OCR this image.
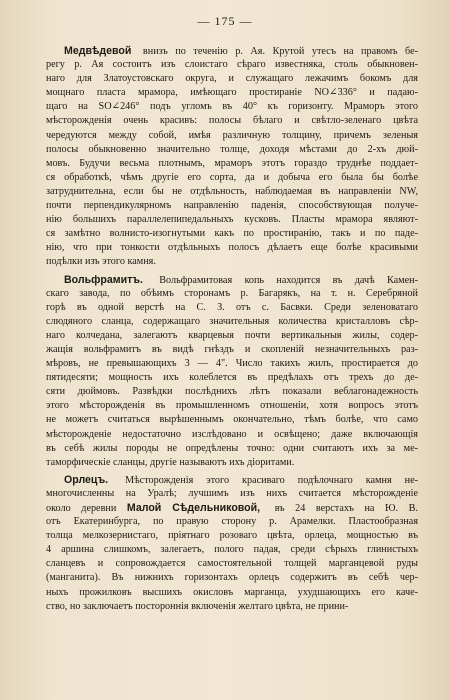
— 175 —
Медвѣдевой внизъ по теченію р. Ая. Крутой утесъ на правомъ бе-
регу р. Ая состоитъ изъ слоистаго сѣраго известняка, столь обыкновен-
наго для Златоустовскаго округа, и служащаго лежачимъ бокомъ для
мощнаго пласта мрамора, имѣющаго простираніе NO∠336° и падаю-
щаго на SO∠246° подъ угломъ въ 40° къ горизонту. Мраморъ этого
мѣсторожденія очень красивъ: полосы бѣлаго и свѣтло-зеленаго цвѣта
чередуются между собой, имѣя различную толщину, причемъ зеленыя
полосы обыкновенно значительно толще, доходя мѣстами до 2-хъ дюй-
мовъ. Будучи весьма плотнымъ, мраморъ этотъ гораздо труднѣе поддает-
ся обработкѣ, чѣмъ другіе его сорта, да и добыча его была бы болѣе
затруднительна, если бы не отдѣльность, наблюдаемая въ направленіи NW,
почти перпендикулярномъ направленію паденія, способствующая получе-
нію большихъ параллелепипедальныхъ кусковъ. Пласты мрамора являют-
ся замѣтно волнисто-изогнутыми какъ по простиранію, такъ и по паде-
нію, что при тонкости отдѣльныхъ полосъ дѣлаетъ еще болѣе красивыми
подѣлки изъ этого камня.
Вольфрамитъ. Вольфрамитовая копь находится въ дачѣ Камен-
скаго завода, по обѣимъ сторонамъ р. Багарякъ, на т. н. Серебряной
горѣ въ одной верстѣ на С. З. отъ с. Басвки. Среди зеленоватаго
слюдяного сланца, содержащаго значительныя количества кристалловъ сѣр-
наго колчедана, залегаютъ кварцевыя почти вертикальныя жилы, содер-
жащія вольфрамитъ въ видѣ гнѣздъ и скопленій незначительныхъ раз-
мѣровъ, не превышающихъ 3 — 4". Число такихъ жилъ, простирается до
пятидесяти; мощность ихъ колеблется въ предѣлахъ отъ трехъ до де-
сяти дюймовъ. Развѣдки послѣднихъ лѣтъ показали веблагонадежность
этого мѣсторожденія въ промышленномъ отношеніи, хотя вопросъ этотъ
не можетъ считаться вырѣшеннымъ окончательно, тѣмъ болѣе, что само
мѣсторожденіе недостаточно изслѣдовано и освѣщено; даже включающія
въ себѣ жилы породы не опредѣлены точно: одни считаютъ ихъ за ме-
таморфическіе сланцы, другіе называютъ ихъ діоритами.
Орлецъ. Мѣсторожденія этого красиваго подѣлочнаго камня не-
многочисленны на Уралѣ; лучшимъ изъ нихъ считается мѣсторожденіе
около деревни Малой Сѣдельниковой, въ 24 верстахъ на Ю. В.
отъ Екатеринбурга, по правую сторону р. Арамелки. Пластообразная
толща мелкозернистаго, пріятнаго розоваго цвѣта, орлеца, мощностью въ
4 аршина слишкомъ, залегаетъ, полого падая, среди сѣрыхъ глинистыхъ
сланцевъ и сопровождается самостоятельной толщей марганцевой руды
(манганита). Въ нижнихъ горизонтахъ орлецъ содержитъ въ себѣ чер-
ныхъ прожилковъ высшихъ окисловъ марганца, ухудшающихъ его каче-
ство, но заключаетъ постороннія включенія желтаго цвѣта, не прини-
